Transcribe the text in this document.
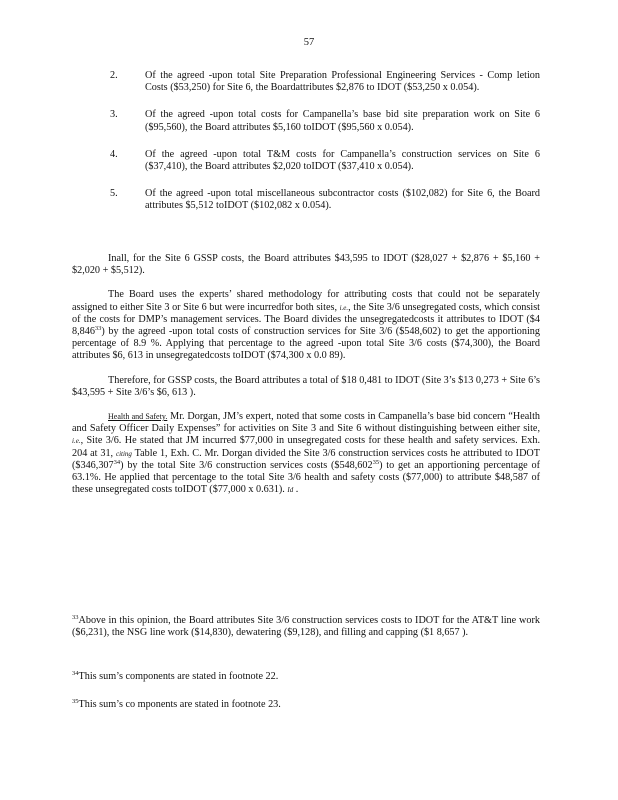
57
2.	Of the agreed -upon total Site Preparation Professional Engineering Services - Comp letion Costs ($53,250) for Site 6, the Boardattributes $2,876 to IDOT ($53,250 x 0.054).
3.	Of the agreed -upon total costs for Campanella’s base bid site preparation work on Site 6 ($95,560), the Board attributes $5,160 toIDOT ($95,560 x 0.054).
4.	Of the agreed -upon total T&M costs for Campanella’s construction services on Site 6 ($37,410), the Board attributes $2,020 toIDOT ($37,410 x 0.054).
5.	Of the agreed -upon total miscellaneous subcontractor costs ($102,082) for Site 6, the Board attributes $5,512 toIDOT ($102,082 x 0.054).

Inall, for the Site 6 GSSP costs, the Board attributes $43,595 to IDOT ($28,027 + $2,876 + $5,160 + $2,020 + $5,512).

The Board uses the experts’ shared methodology for attributing costs that could not be separately assigned to either Site 3 or Site 6 but were incurredfor both sites, i.e., the Site 3/6 unsegregated costs, which consist of the costs for DMP’s management services. The Board divides the unsegregatedcosts it attributes to IDOT ($4 8,846$^{33}$) by the agreed -upon total costs of construction services for Site 3/6 ($548,602) to get the apportioning percentage of 8.9 %. Applying that percentage to the agreed -upon total Site 3/6 costs ($74,300), the Board attributes $6, 613 in unsegregatedcosts toIDOT ($74,300 x 0.0 89).

Therefore, for GSSP costs, the Board attributes a total of $18 0,481 to IDOT (Site 3’s $13 0,273 + Site 6’s $43,595 + Site 3/6’s $6, 613 ).

Health and Safety. Mr. Dorgan, JM’s expert, noted that some costs in Campanella’s base bid concern “Health and Safety Officer Daily Expenses” for activities on Site 3 and Site 6 without distinguishing between either site, i.e., Site 3/6. He stated that JM incurred $77,000 in unsegregated costs for these health and safety services. Exh. 204 at 31, citing Table 1, Exh. C. Mr. Dorgan divided the Site 3/6 construction services costs he attributed to IDOT ($346,307$^{34}$) by the total Site 3/6 construction services costs ($548,602$^{35}$) to get an apportioning percentage of 63.1%. He applied that percentage to the total Site 3/6 health and safety costs ($77,000) to attribute $48,587 of these unsegregated costs toIDOT ($77,000 x 0.631). Id .

$^{33}$Above in this opinion, the Board attributes Site 3/6 construction services costs to IDOT for the AT&T line work ($6,231), the NSG line work ($14,830), dewatering ($9,128), and filling and capping ($1 8,657 ).
$^{34}$This sum’s components are stated in footnote 22.
$^{35}$This sum’s co mponents are stated in footnote 23.
